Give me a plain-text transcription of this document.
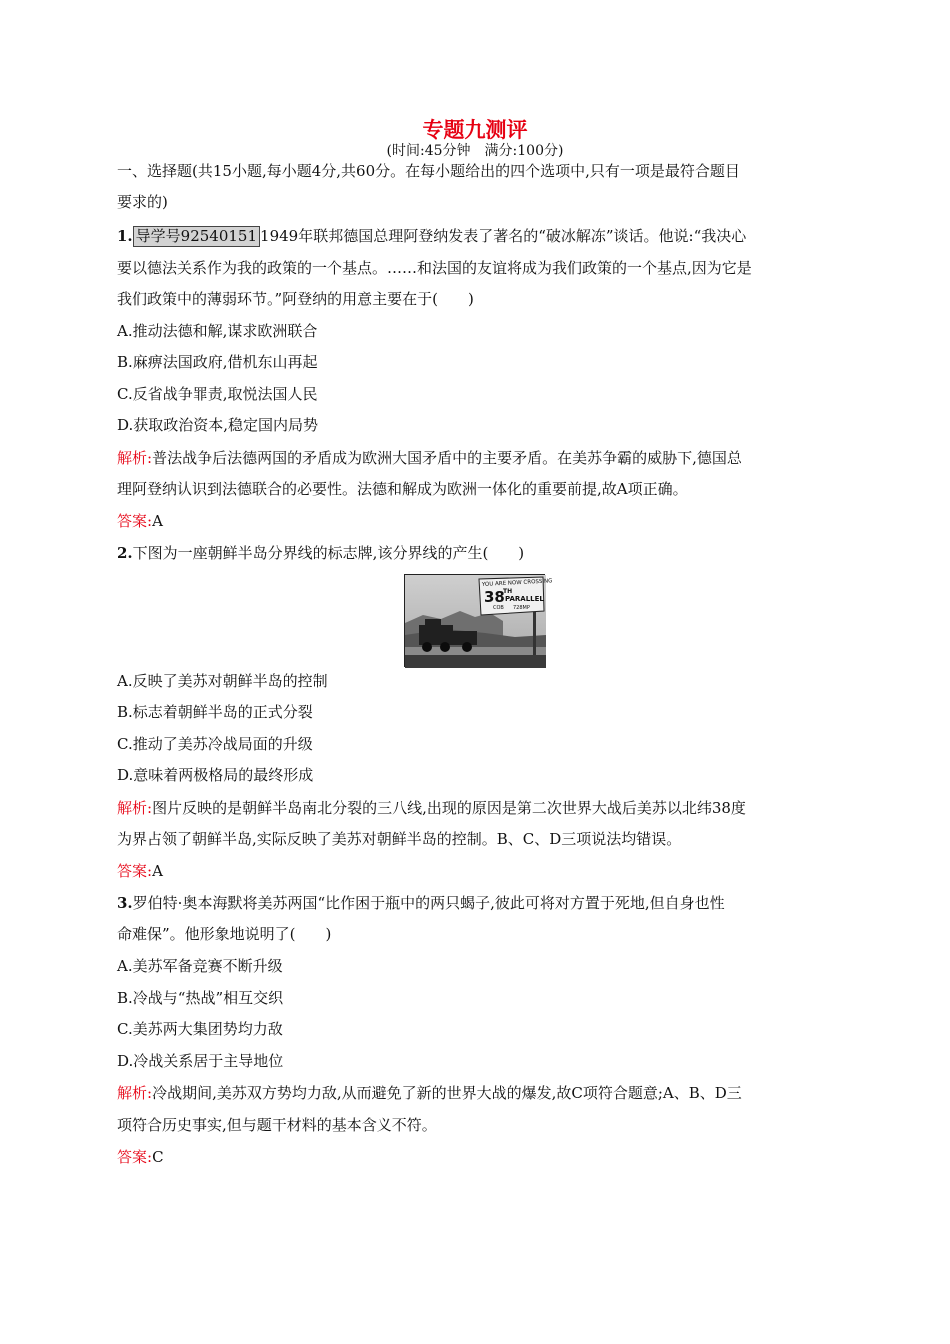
专题九测评
(时间:45分钟　满分:100分)
一、选择题(共15小题,每小题4分,共60分。在每小题给出的四个选项中,只有一项是最符合题目
要求的)
1. 导学号92540151 1949年联邦德国总理阿登纳发表了著名的“破冰解冻”谈话。他说:“我决心
要以德法关系作为我的政策的一个基点。……和法国的友谊将成为我们政策的一个基点,因为它是
我们政策中的薄弱环节。”阿登纳的用意主要在于(　　)
A.推动法德和解,谋求欧洲联合
B.麻痹法国政府,借机东山再起
C.反省战争罪责,取悦法国人民
D.获取政治资本,稳定国内局势
解析:普法战争后法德两国的矛盾成为欧洲大国矛盾中的主要矛盾。在美苏争霸的威胁下,德国总
理阿登纳认识到法德联合的必要性。法德和解成为欧洲一体化的重要前提,故A项正确。
答案:A
2.下图为一座朝鲜半岛分界线的标志牌,该分界线的产生(　　)
YOU ARE NOW CROSSING
38
TH
PARALLEL
COB 728MP
A.反映了美苏对朝鲜半岛的控制
B.标志着朝鲜半岛的正式分裂
C.推动了美苏冷战局面的升级
D.意味着两极格局的最终形成
解析:图片反映的是朝鲜半岛南北分裂的三八线,出现的原因是第二次世界大战后美苏以北纬38度
为界占领了朝鲜半岛,实际反映了美苏对朝鲜半岛的控制。B、C、D三项说法均错误。
答案:A
3.罗伯特·奥本海默将美苏两国“比作困于瓶中的两只蝎子,彼此可将对方置于死地,但自身也性
命难保”。他形象地说明了(　　)
A.美苏军备竞赛不断升级
B.冷战与“热战”相互交织
C.美苏两大集团势均力敌
D.冷战关系居于主导地位
解析:冷战期间,美苏双方势均力敌,从而避免了新的世界大战的爆发,故C项符合题意;A、B、D三
项符合历史事实,但与题干材料的基本含义不符。
答案:C
